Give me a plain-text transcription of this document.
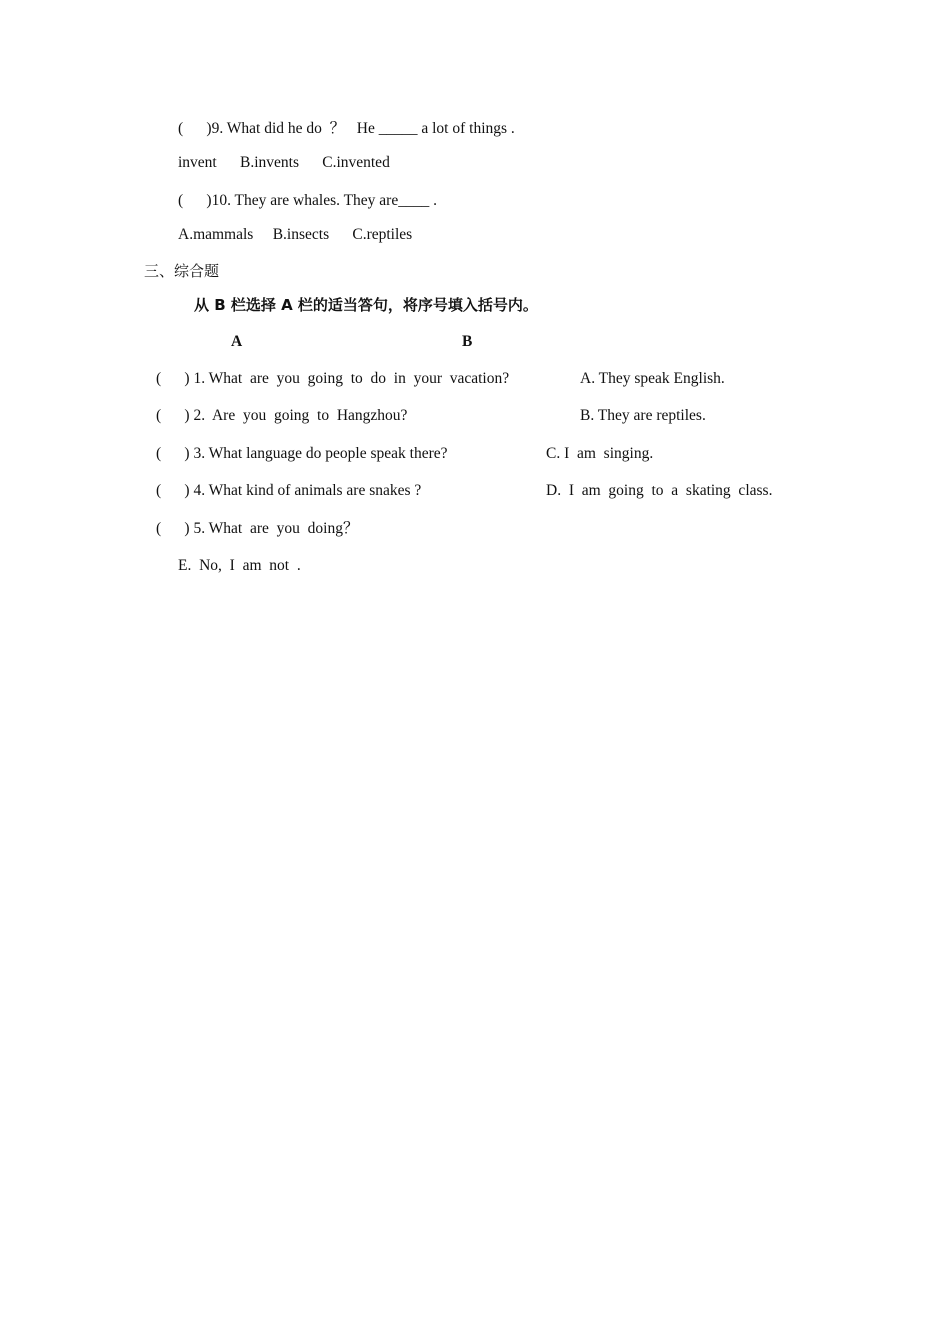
(      )9. What did he do  ？   He _____ a lot of things .
invent      B.invents      C.invented
(      )10. They are whales. They are____ .
A.mammals     B.insects      C.reptiles
三、综合题
从 B 栏选择 A 栏的适当答句，将序号填入括号内。
A	B
(      ) 1. What  are  you  going  to  do  in  your  vacation?	A. They speak English.
(      ) 2.  Are  you  going  to  Hangzhou?	B. They are reptiles.
(      ) 3. What language do people speak there?	C. I  am  singing.
(      ) 4. What kind of animals are snakes ?	D.  I  am  going  to  a  skating  class.
(      ) 5. What  are  you  doing？
E.  No,  I  am  not  .
